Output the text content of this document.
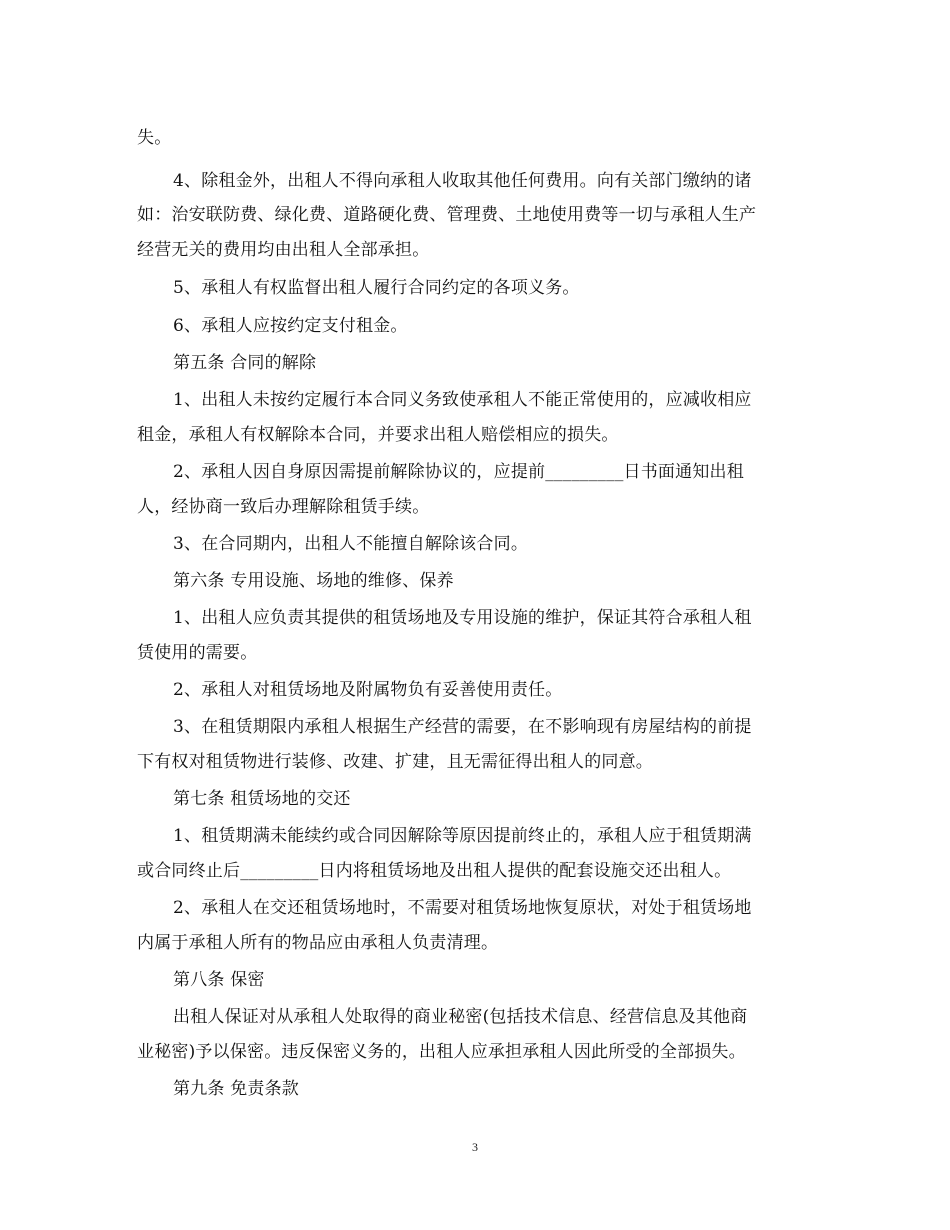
失。
4、除租金外，出租人不得向承租人收取其他任何费用。向有关部门缴纳的诸
如：治安联防费、绿化费、道路硬化费、管理费、土地使用费等一切与承租人生产
经营无关的费用均由出租人全部承担。
5、承租人有权监督出租人履行合同约定的各项义务。
6、承租人应按约定支付租金。
第五条 合同的解除
1、出租人未按约定履行本合同义务致使承租人不能正常使用的，应减收相应
租金，承租人有权解除本合同，并要求出租人赔偿相应的损失。
2、承租人因自身原因需提前解除协议的，应提前_________日书面通知出租
人，经协商一致后办理解除租赁手续。
3、在合同期内，出租人不能擅自解除该合同。
第六条 专用设施、场地的维修、保养
1、出租人应负责其提供的租赁场地及专用设施的维护，保证其符合承租人租
赁使用的需要。
2、承租人对租赁场地及附属物负有妥善使用责任。
3、在租赁期限内承租人根据生产经营的需要，在不影响现有房屋结构的前提
下有权对租赁物进行装修、改建、扩建，且无需征得出租人的同意。
第七条 租赁场地的交还
1、租赁期满未能续约或合同因解除等原因提前终止的，承租人应于租赁期满
或合同终止后_________日内将租赁场地及出租人提供的配套设施交还出租人。
2、承租人在交还租赁场地时，不需要对租赁场地恢复原状，对处于租赁场地
内属于承租人所有的物品应由承租人负责清理。
第八条 保密
出租人保证对从承租人处取得的商业秘密(包括技术信息、经营信息及其他商
业秘密)予以保密。违反保密义务的，出租人应承担承租人因此所受的全部损失。
第九条 免责条款
3
